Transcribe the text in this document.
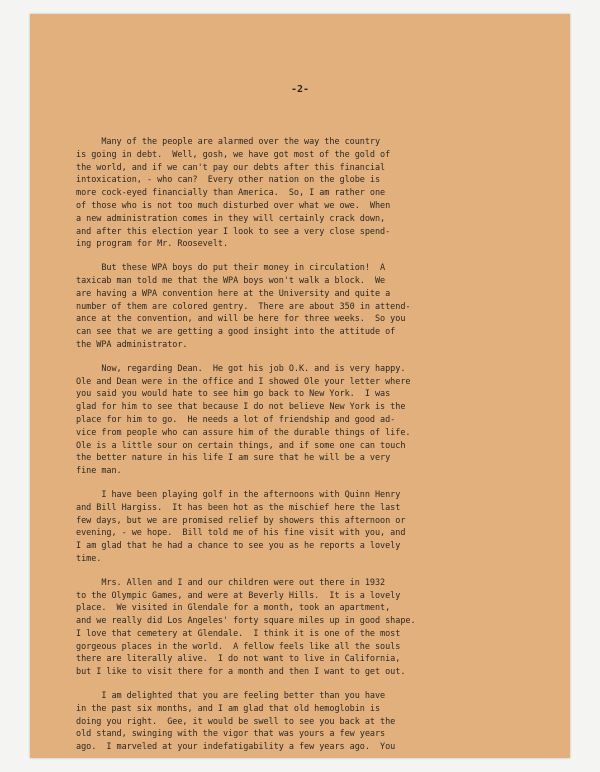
-2-
Many of the people are alarmed over the way the country
is going in debt.  Well, gosh, we have got most of the gold of
the world, and if we can't pay our debts after this financial
intoxication, - who can?  Every other nation on the globe is
more cock-eyed financially than America.  So, I am rather one
of those who is not too much disturbed over what we owe.  When
a new administration comes in they will certainly crack down,
and after this election year I look to see a very close spend-
ing program for Mr. Roosevelt.
But these WPA boys do put their money in circulation!  A
taxicab man told me that the WPA boys won't walk a block.  We
are having a WPA convention here at the University and quite a
number of them are colored gentry.  There are about 350 in attend-
ance at the convention, and will be here for three weeks.  So you
can see that we are getting a good insight into the attitude of
the WPA administrator.
Now, regarding Dean.  He got his job O.K. and is very happy.
Ole and Dean were in the office and I showed Ole your letter where
you said you would hate to see him go back to New York.  I was
glad for him to see that because I do not believe New York is the
place for him to go.  He needs a lot of friendship and good ad-
vice from people who can assure him of the durable things of life.
Ole is a little sour on certain things, and if some one can touch
the better nature in his life I am sure that he will be a very
fine man.
I have been playing golf in the afternoons with Quinn Henry
and Bill Hargiss.  It has been hot as the mischief here the last
few days, but we are promised relief by showers this afternoon or
evening, - we hope.  Bill told me of his fine visit with you, and
I am glad that he had a chance to see you as he reports a lovely
time.
Mrs. Allen and I and our children were out there in 1932
to the Olympic Games, and were at Beverly Hills.  It is a lovely
place.  We visited in Glendale for a month, took an apartment,
and we really did Los Angeles' forty square miles up in good shape.
I love that cemetery at Glendale.  I think it is one of the most
gorgeous places in the world.  A fellow feels like all the souls
there are literally alive.  I do not want to live in California,
but I like to visit there for a month and then I want to get out.
I am delighted that you are feeling better than you have
in the past six months, and I am glad that old hemoglobin is
doing you right.  Gee, it would be swell to see you back at the
old stand, swinging with the vigor that was yours a few years
ago.  I marveled at your indefatigability a few years ago.  You
